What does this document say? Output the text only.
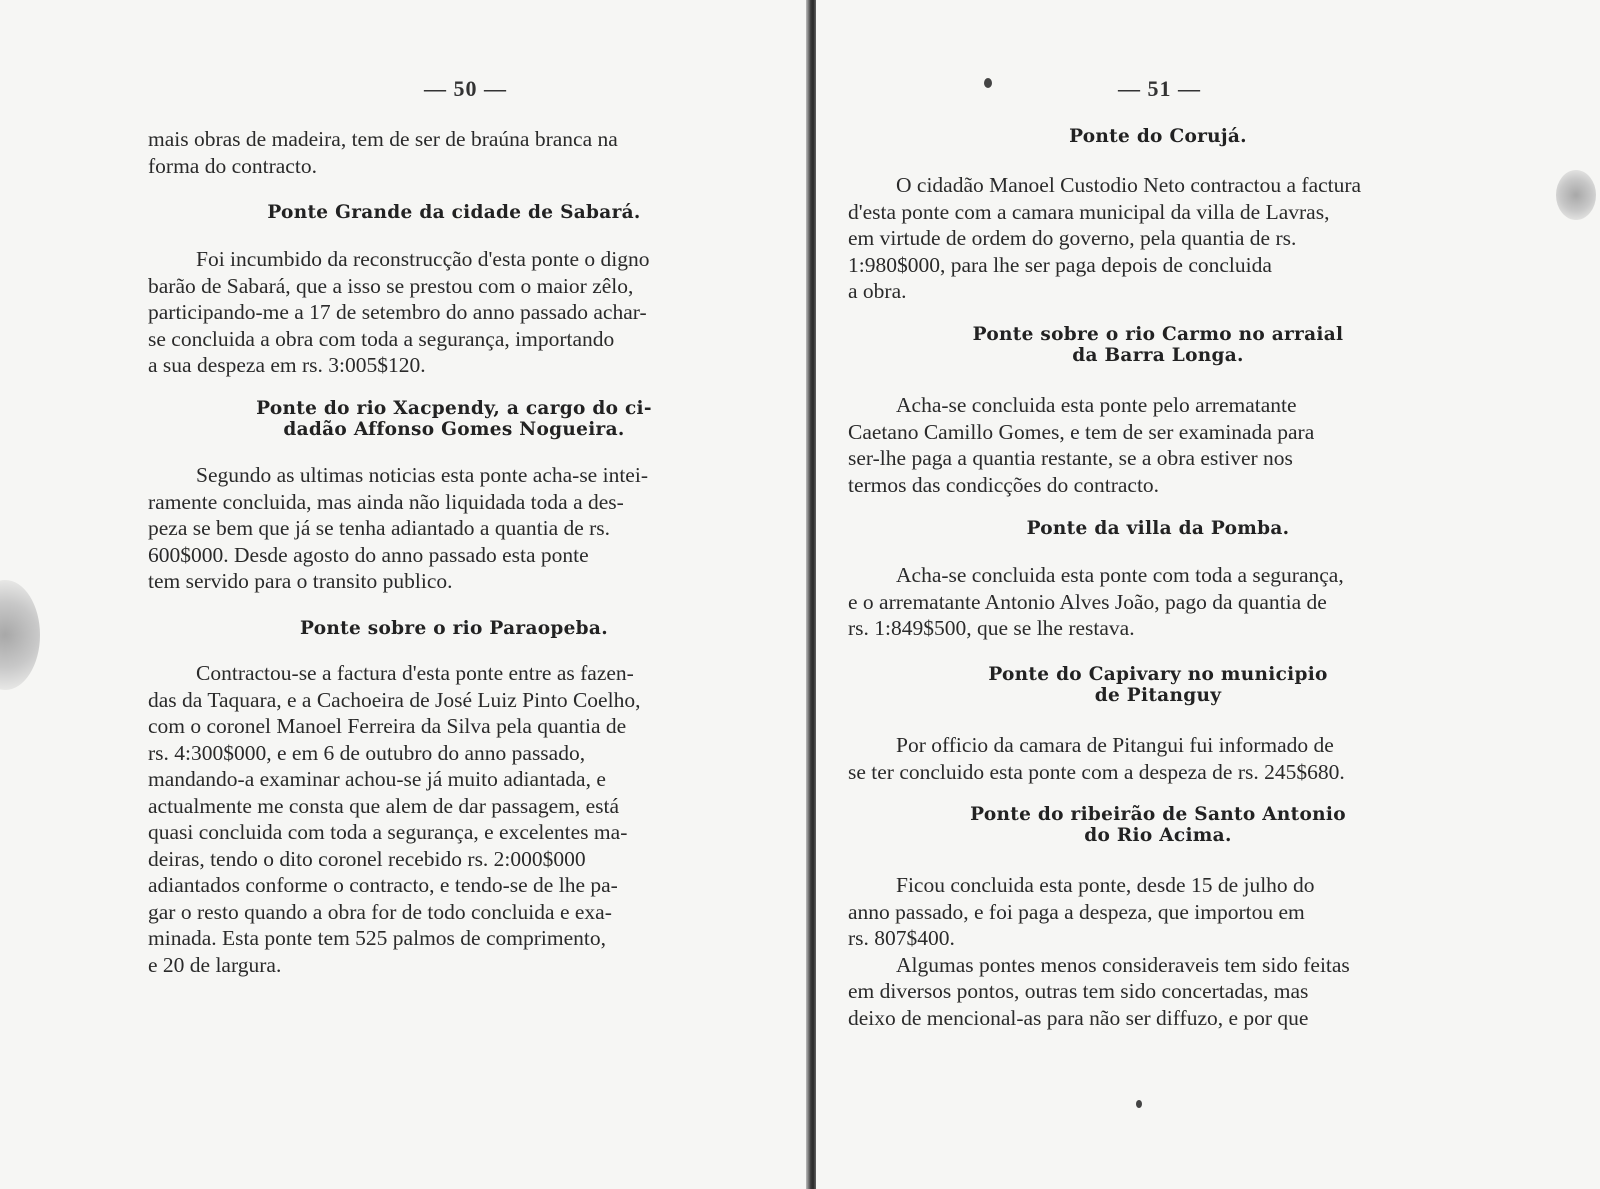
— 50 —

mais obras de madeira, tem de ser de braúna branca na

forma do contracto.

Ponte Grande da cidade de Sabará.

Foi incumbido da reconstrucção d'esta ponte o digno

barão de Sabará, que a isso se prestou com o maior zêlo,

participando-me a 17 de setembro do anno passado achar-

se concluida a obra com toda a segurança, importando

a sua despeza em rs. 3:005$120.

Ponte do rio Xacpendy, a cargo do ci-
dadão Affonso Gomes Nogueira.

Segundo as ultimas noticias esta ponte acha-se intei-

ramente concluida, mas ainda não liquidada toda a des-

peza se bem que já se tenha adiantado a quantia de rs.

600$000. Desde agosto do anno passado esta ponte

tem servido para o transito publico.

Ponte sobre o rio Paraopeba.

Contractou-se a factura d'esta ponte entre as fazen-

das da Taquara, e a Cachoeira de José Luiz Pinto Coelho,

com o coronel Manoel Ferreira da Silva pela quantia de

rs. 4:300$000, e em 6 de outubro do anno passado,

mandando-a examinar achou-se já muito adiantada, e

actualmente me consta que alem de dar passagem, está

quasi concluida com toda a segurança, e excelentes ma-

deiras, tendo o dito coronel recebido rs. 2:000$000

adiantados conforme o contracto, e tendo-se de lhe pa-

gar o resto quando a obra for de todo concluida e exa-

minada. Esta ponte tem 525 palmos de comprimento,

e 20 de largura.

— 51 —
Ponte do Corujá.

O cidadão Manoel Custodio Neto contractou a factura

d'esta ponte com a camara municipal da villa de Lavras,

em virtude de ordem do governo, pela quantia de rs.

1:980$000, para lhe ser paga depois de concluida

a obra.

Ponte sobre o rio Carmo no arraial
da Barra Longa.

Acha-se concluida esta ponte pelo arrematante

Caetano Camillo Gomes, e tem de ser examinada para

ser-lhe paga a quantia restante, se a obra estiver nos

termos das condicções do contracto.

Ponte da villa da Pomba.

Acha-se concluida esta ponte com toda a segurança,

e o arrematante Antonio Alves João, pago da quantia de

rs. 1:849$500, que se lhe restava.

Ponte do Capivary no municipio
de Pitanguy

Por officio da camara de Pitangui fui informado de

se ter concluido esta ponte com a despeza de rs. 245$680.

Ponte do ribeirão de Santo Antonio
do Rio Acima.

Ficou concluida esta ponte, desde 15 de julho do

anno passado, e foi paga a despeza, que importou em

rs. 807$400.

Algumas pontes menos consideraveis tem sido feitas

em diversos pontos, outras tem sido concertadas, mas

deixo de mencional-as para não ser diffuzo, e por que
